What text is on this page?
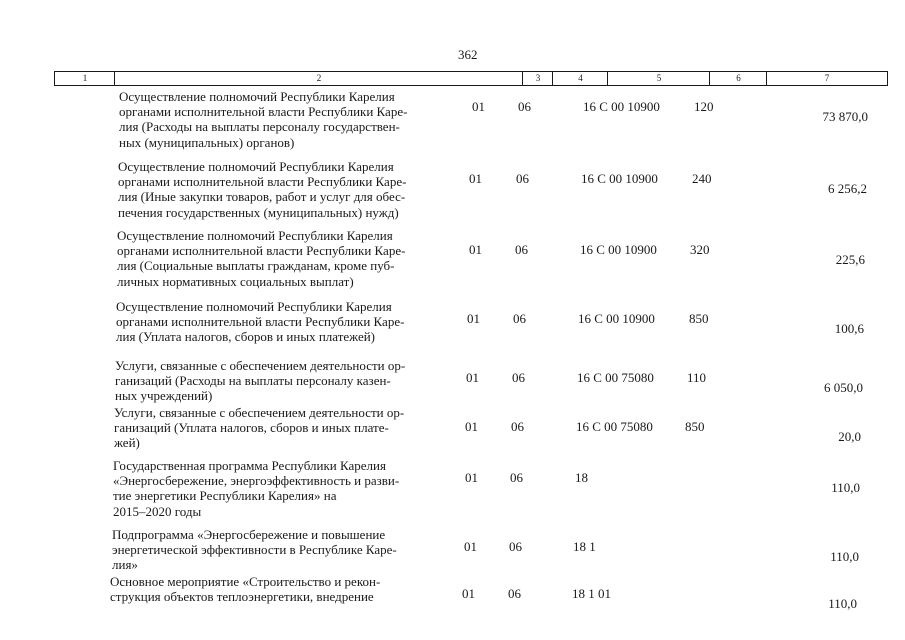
362
1	2	3	4	5	6	7
Осуществление полномочий Республики Карелия
органами исполнительной власти Республики Каре-
лия (Расходы на выплаты персоналу государствен-
ных (муниципальных) органов)
01	06	16 С 00 10900	120
73 870,0
Осуществление полномочий Республики Карелия
органами исполнительной власти Республики Каре-
лия (Иные закупки товаров, работ и услуг для обес-
печения государственных (муниципальных) нужд)
01	06	16 С 00 10900	240
6 256,2
Осуществление полномочий Республики Карелия
органами исполнительной власти Республики Каре-
лия (Социальные выплаты гражданам, кроме пуб-
личных нормативных социальных выплат)
01	06	16 С 00 10900	320
225,6
Осуществление полномочий Республики Карелия
органами исполнительной власти Республики Каре-
лия (Уплата налогов, сборов и иных платежей)
01	06	16 С 00 10900	850
100,6
Услуги, связанные с обеспечением деятельности ор-
ганизаций (Расходы на выплаты персоналу казен-
ных учреждений)
01	06	16 С 00 75080	110
6 050,0
Услуги, связанные с обеспечением деятельности ор-
ганизаций (Уплата налогов, сборов и иных плате-
жей)
01	06	16 С 00 75080 850
20,0
Государственная программа Республики Карелия
«Энергосбережение, энергоэффективность и разви-
тие энергетики Республики Карелия» на
2015–2020 годы
01 06	18
110,0
Подпрограмма «Энергосбережение и повышение
энергетической эффективности в Республике Каре-
лия»
01 06	18 1
110,0
Основное мероприятие «Строительство и рекон-
струкция объектов теплоэнергетики, внедрение	01	06	18 1 01
110,0
